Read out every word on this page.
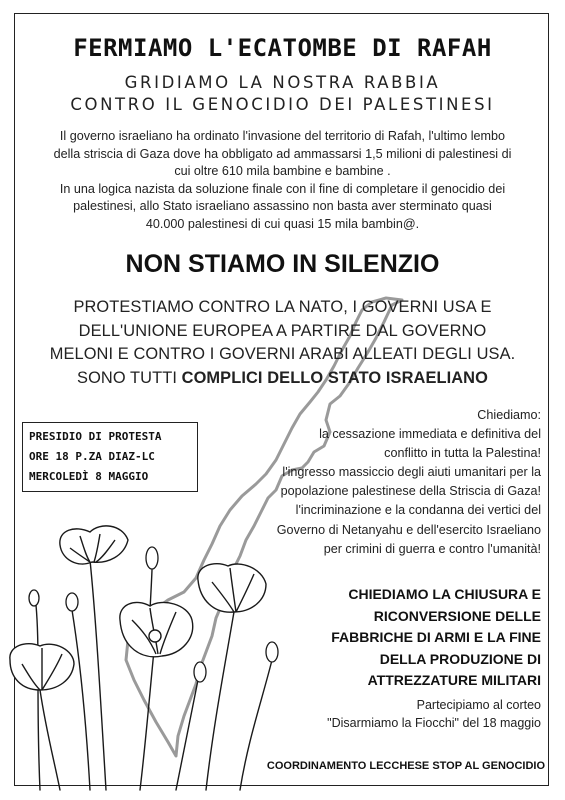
FERMIAMO L'ECATOMBE DI RAFAH
GRIDIAMO LA NOSTRA RABBIA
CONTRO IL GENOCIDIO DEI PALESTINESI
Il governo israeliano ha ordinato l'invasione del territorio di Rafah, l'ultimo lembo
della striscia di Gaza dove ha obbligato ad ammassarsi 1,5 milioni di palestinesi di
cui oltre 610 mila bambine e bambine .
In una logica nazista da soluzione finale con il fine di completare il genocidio dei
palestinesi, allo Stato israeliano assassino non basta aver sterminato quasi
40.000 palestinesi di cui quasi 15 mila bambin@.
NON STIAMO IN SILENZIO
PROTESTIAMO CONTRO LA NATO, I GOVERNI USA E
DELL'UNIONE EUROPEA A PARTIRE DAL GOVERNO
MELONI E CONTRO I GOVERNI ARABI ALLEATI DEGLI USA.
SONO TUTTI COMPLICI DELLO STATO ISRAELIANO
PRESIDIO DI PROTESTA
ORE 18 P.ZA DIAZ-LC
MERCOLEDÌ 8 MAGGIO
Chiediamo:
la cessazione immediata e definitiva del
conflitto in tutta la Palestina!
l'ingresso massiccio degli aiuti umanitari per la
popolazione palestinese della Striscia di Gaza!
l'incriminazione e la condanna dei vertici del
Governo di Netanyahu e dell'esercito Israeliano
per crimini di guerra e contro l'umanità!
CHIEDIAMO LA CHIUSURA E
RICONVERSIONE DELLE
FABBRICHE DI ARMI E LA FINE
DELLA PRODUZIONE DI
ATTREZZATURE MILITARI
Partecipiamo al corteo
"Disarmiamo la Fiocchi" del 18 maggio
COORDINAMENTO LECCHESE STOP AL GENOCIDIO
